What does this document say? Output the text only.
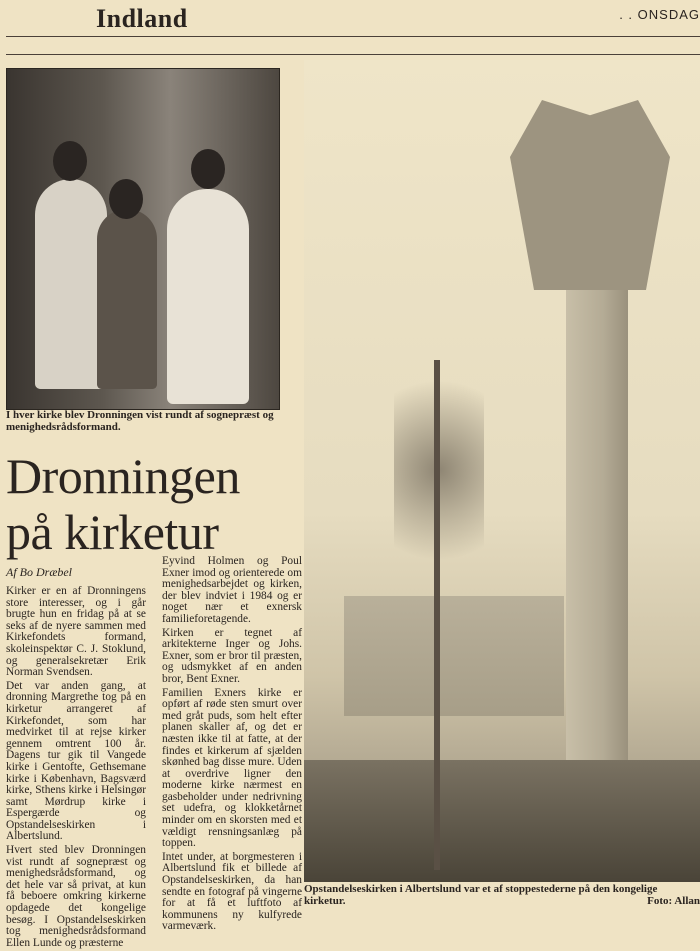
Indland	. . ONSDAG
I hver kirke blev Dronningen vist rundt af sognepræst og menighedsrådsformand.
Dronningen
på kirketur
Af Bo Dræbel

Kirker er en af Dronningens store interesser, og i går brugte hun en fridag på at se seks af de nyere sammen med Kirkefondets formand, skoleinspektør C. J. Stoklund, og generalsekretær Erik Norman Svendsen.

Det var anden gang, at dronning Margrethe tog på en kirketur arrangeret af Kirkefondet, som har medvirket til at rejse kirker gennem omtrent 100 år. Dagens tur gik til Vangede kirke i Gentofte, Gethsemane kirke i København, Bagsværd kirke, Sthens kirke i Helsingør samt Mørdrup kirke i Espergærde og Opstandelseskirken i Albertslund.

Hvert sted blev Dronningen vist rundt af sognepræst og menighedsrådsformand, og det hele var så privat, at kun få beboere omkring kirkerne opdagede det kongelige besøg. I Opstandelseskirken tog menighedsrådsformand Ellen Lunde og præsterne

Eyvind Holmen og Poul Exner imod og orienterede om menighedsarbejdet og kirken, der blev indviet i 1984 og er noget nær et exnersk familieforetagende.

Kirken er tegnet af arkitekterne Inger og Johs. Exner, som er bror til præsten, og udsmykket af en anden bror, Bent Exner.

Familien Exners kirke er opført af røde sten smurt over med gråt puds, som helt efter planen skaller af, og det er næsten ikke til at fatte, at der findes et kirkerum af sjælden skønhed bag disse mure. Uden at overdrive ligner den moderne kirke nærmest en gasbeholder under nedrivning set udefra, og klokketårnet minder om en skorsten med et vældigt rensningsanlæg på toppen.

Intet under, at borgmesteren i Albertslund fik et billede af Opstandelseskirken, da han sendte en fotograf på vingerne for at få et luftfoto af kommunens ny kulfyrede varmeværk.

Opstandelseskirken i Albertslund var et af stoppestederne på den kongelige
kirketur.	Foto: Allan
